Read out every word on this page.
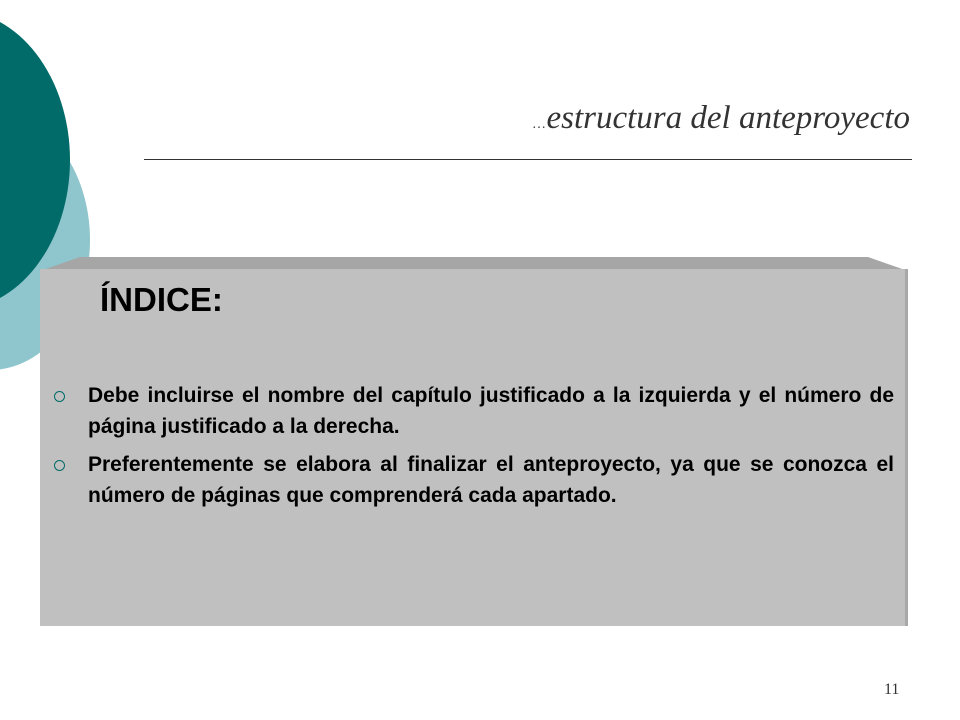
…estructura del anteproyecto
ÍNDICE:
Debe incluirse el nombre del capítulo justificado a la izquierda y el número de página justificado a la derecha.
Preferentemente se elabora al finalizar el anteproyecto, ya que se conozca el número de páginas que comprenderá cada apartado.
11
